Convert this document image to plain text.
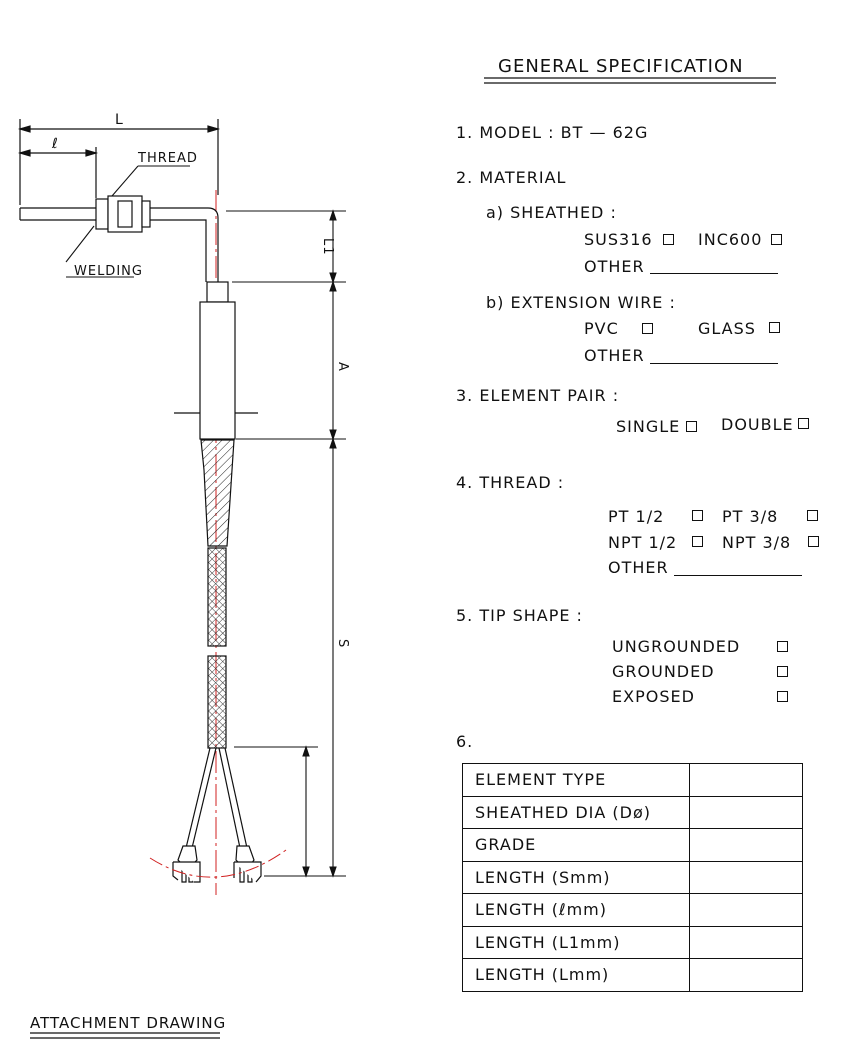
L
ℓ
THREAD
WELDING
L1
A
S
ATTACHMENT DRAWING
GENERAL SPECIFICATION
1. MODEL : BT — 62G
2. MATERIAL
a) SHEATHED :
SUS316	INC600
OTHER
b) EXTENSION WIRE :
PVC	GLASS
OTHER
3. ELEMENT PAIR :
SINGLE	DOUBLE
4. THREAD :
PT 1/2	PT 3/8
NPT 1/2	NPT 3/8
OTHER
5. TIP SHAPE :
UNGROUNDED
GROUNDED
EXPOSED
6.
ELEMENT TYPE	
SHEATHED DIA (Dø)	
GRADE	
LENGTH (Smm)	
LENGTH (ℓmm)	
LENGTH (L1mm)	
LENGTH (Lmm)	
